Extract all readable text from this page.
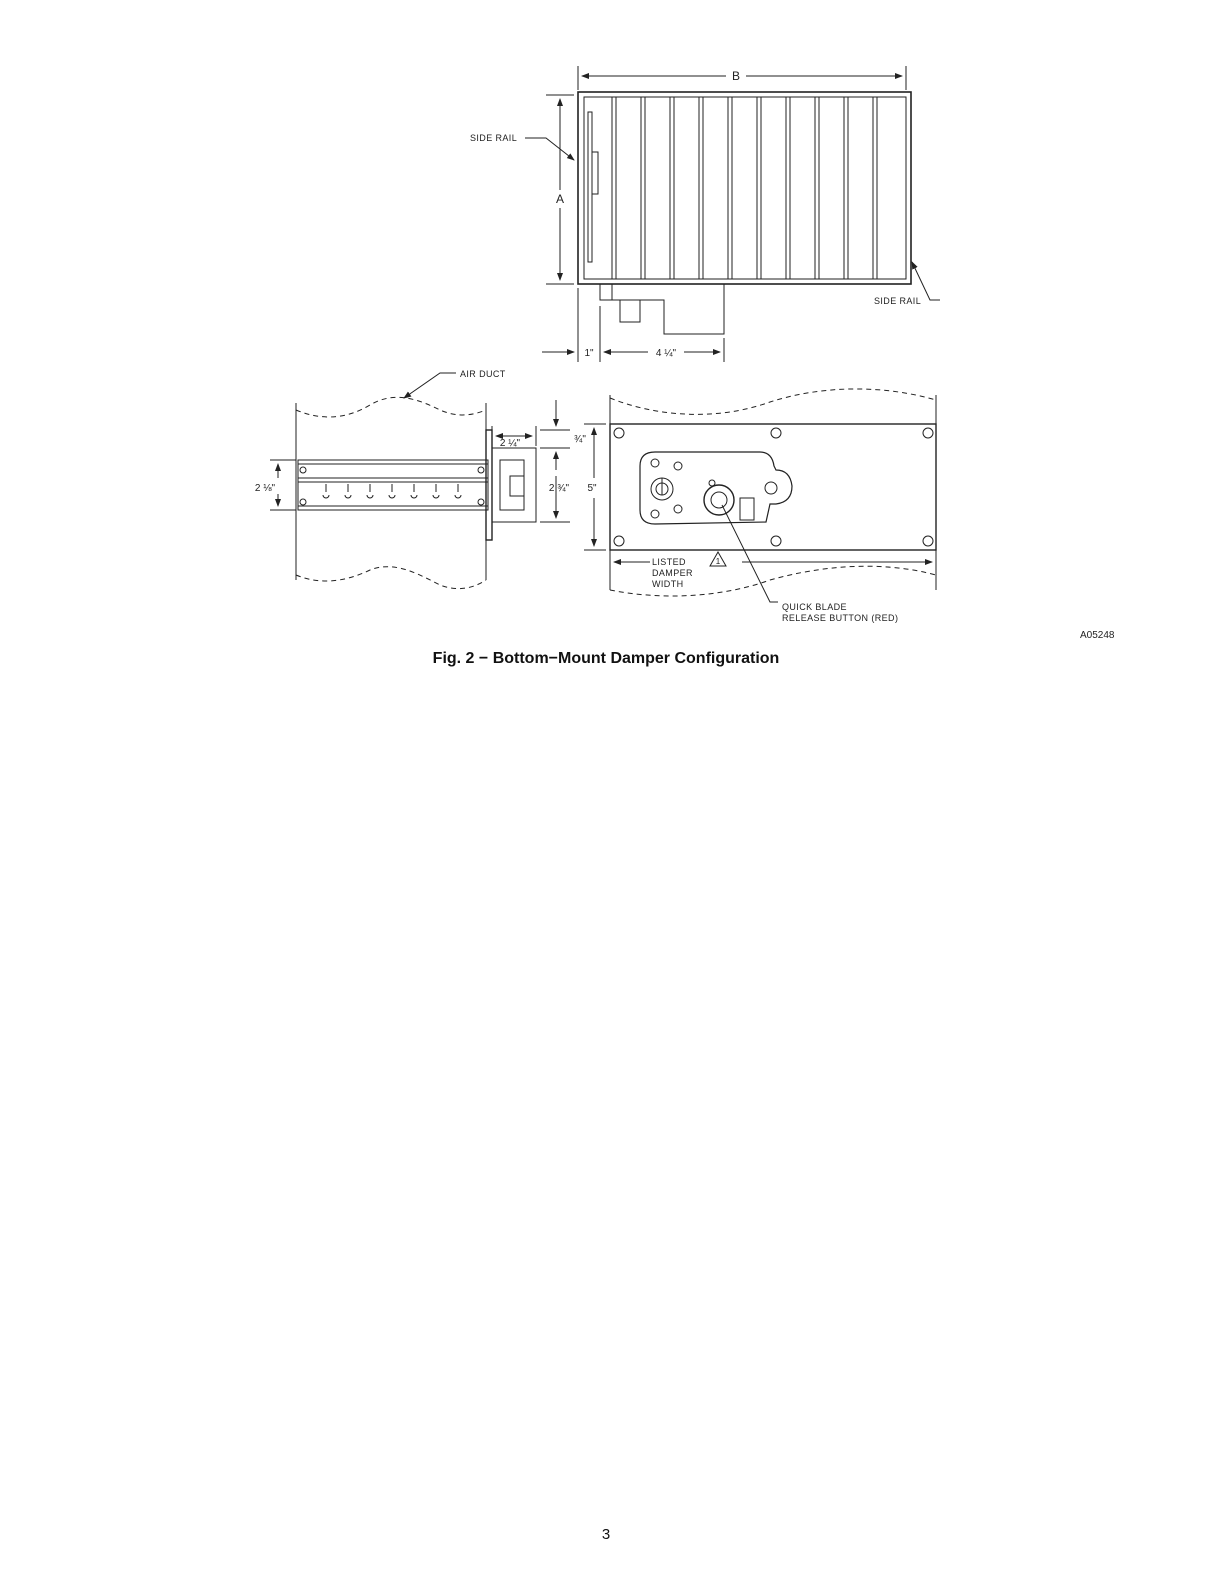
B
A
SIDE RAIL
SIDE RAIL
1"	4 ¼"
AIR DUCT
2 ⅛"
2 ¼"	¾"
2 ¾" 5"
LISTED
DAMPER
WIDTH
1
QUICK BLADE
RELEASE BUTTON (RED)
A05248
Fig. 2 − Bottom−Mount Damper Configuration
3
